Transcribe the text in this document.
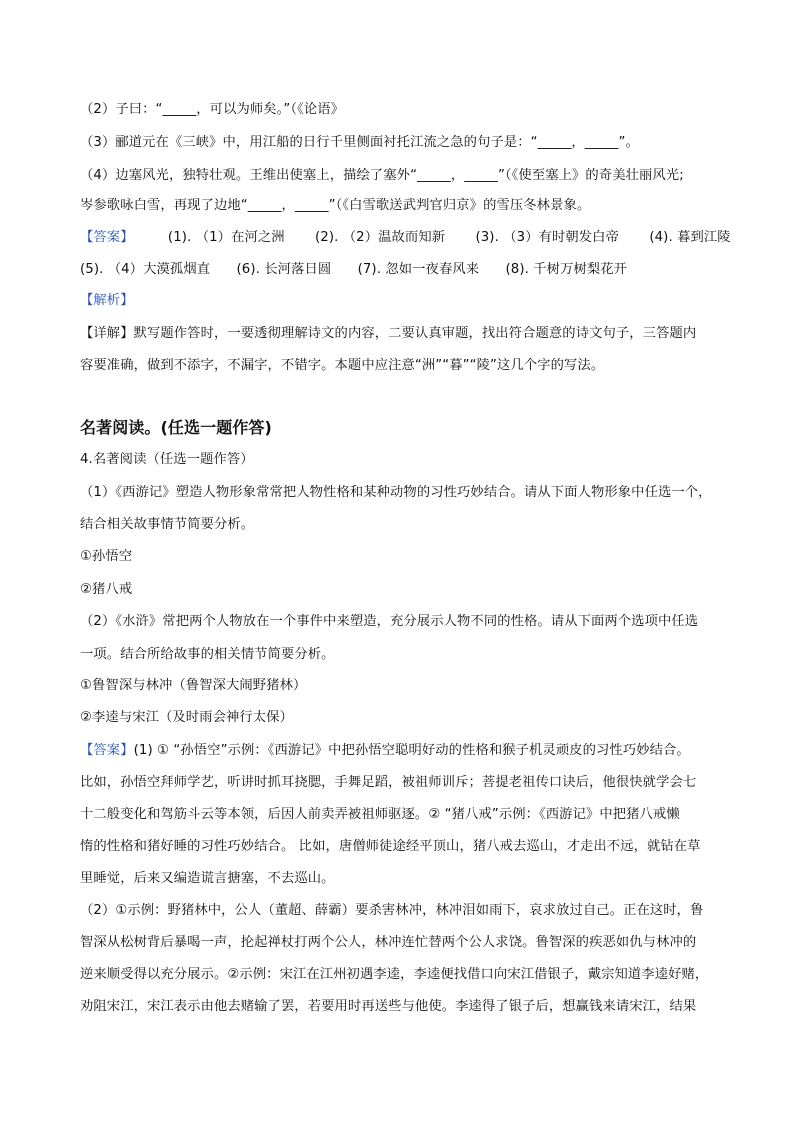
（2）子曰：“_____，可以为师矣。”（《论语》
（3）郦道元在《三峡》中，用江船的日行千里侧面衬托江流之急的句子是：“_____，_____”。
（4）边塞风光，独特壮观。王维出使塞上，描绘了塞外“_____，_____”（《使至塞上》的奇美壮丽风光;
岑参歌咏白雪，再现了边地“_____，_____”（《白雪歌送武判官归京》的雪压冬林景象。
【答案】	(1). （1）在河之洲 (2). （2）温故而知新 (3). （3）有时朝发白帝 (4). 暮到江陵
(5). （4）大漠孤烟直 (6). 长河落日圆 (7). 忽如一夜春风来 (8). 千树万树梨花开
【解析】
【详解】默写题作答时，一要透彻理解诗文的内容，二要认真审题，找出符合题意的诗文句子，三答题内
容要准确，做到不添字，不漏字，不错字。本题中应注意“洲”“暮”“陵”这几个字的写法。
名著阅读。(任选一题作答)
4.名著阅读（任选一题作答）
（1）《西游记》塑造人物形象常常把人物性格和某种动物的习性巧妙结合。请从下面人物形象中任选一个，
结合相关故事情节简要分析。
①孙悟空
②猪八戒
（2）《水浒》常把两个人物放在一个事件中来塑造，充分展示人物不同的性格。请从下面两个选项中任选
一项。结合所给故事的相关情节简要分析。
①鲁智深与林冲（鲁智深大闹野猪林）
②李逵与宋江（及时雨会神行太保）
【答案】(1) ① “孙悟空”示例：《西游记》中把孙悟空聪明好动的性格和猴子机灵顽皮的习性巧妙结合。
比如，孙悟空拜师学艺，听讲时抓耳挠腮，手舞足蹈，被祖师训斥；菩提老祖传口诀后，他很快就学会七
十二般变化和驾筋斗云等本领，后因人前卖弄被祖师驱逐。② “猪八戒”示例：《西游记》中把猪八戒懒
惰的性格和猪好睡的习性巧妙结合。 比如，唐僧师徒途经平顶山，猪八戒去巡山，才走出不远，就钻在草
里睡觉，后来又编造谎言搪塞，不去巡山。
（2）①示例：野猪林中，公人（董超、薛霸）要杀害林冲，林冲泪如雨下，哀求放过自己。正在这时，鲁
智深从松树背后暴喝一声，抡起禅杖打两个公人，林冲连忙替两个公人求饶。鲁智深的疾恶如仇与林冲的
逆来顺受得以充分展示。②示例：宋江在江州初遇李逵，李逵便找借口向宋江借银子，戴宗知道李逵好赌，
劝阻宋江，宋江表示由他去赌输了罢，若要用时再送些与他使。李逵得了银子后，想赢钱来请宋江，结果
